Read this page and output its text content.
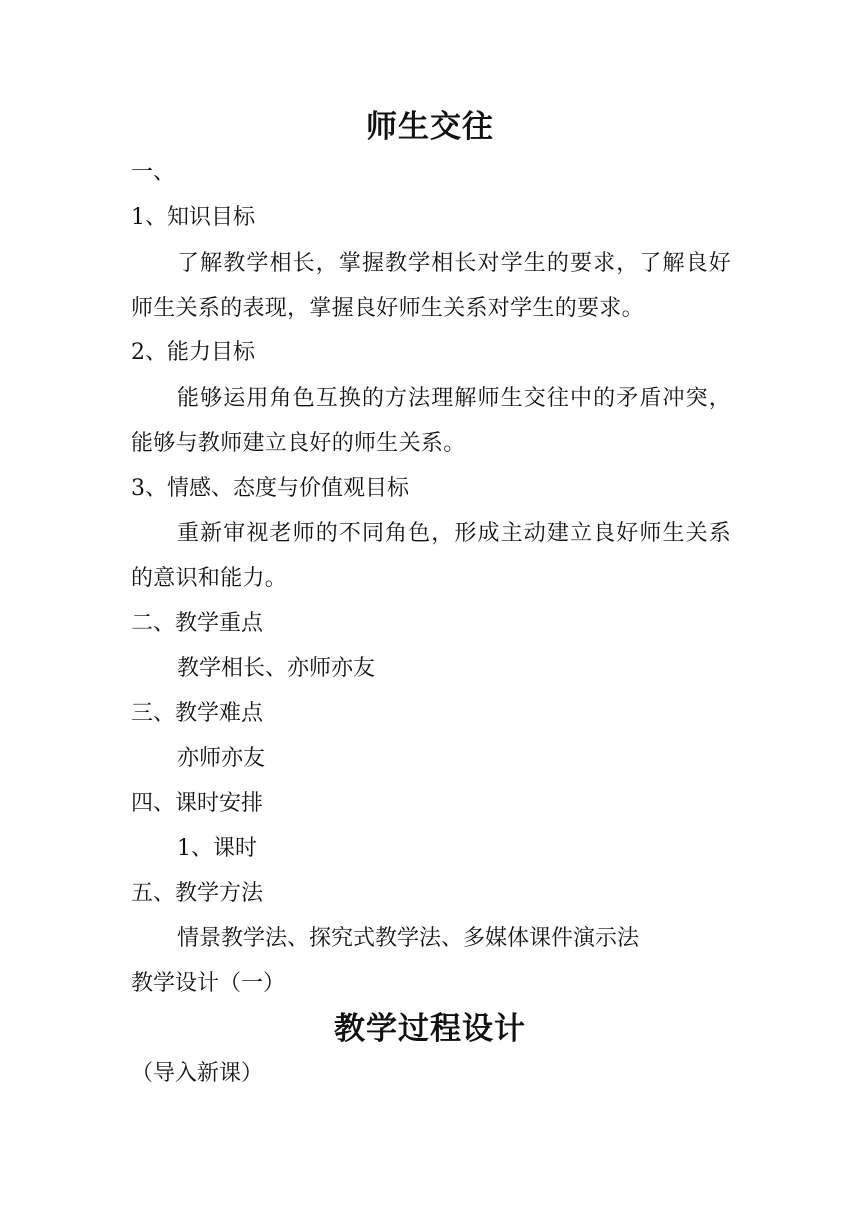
师生交往
一、
1、知识目标
了解教学相长，掌握教学相长对学生的要求，了解良好师生关系的表现，掌握良好师生关系对学生的要求。
2、能力目标
能够运用角色互换的方法理解师生交往中的矛盾冲突，能够与教师建立良好的师生关系。
3、情感、态度与价值观目标
重新审视老师的不同角色，形成主动建立良好师生关系的意识和能力。
二、教学重点
教学相长、亦师亦友
三、教学难点
亦师亦友
四、课时安排
1、课时
五、教学方法
情景教学法、探究式教学法、多媒体课件演示法
教学设计（一）
教学过程设计
（导入新课）
